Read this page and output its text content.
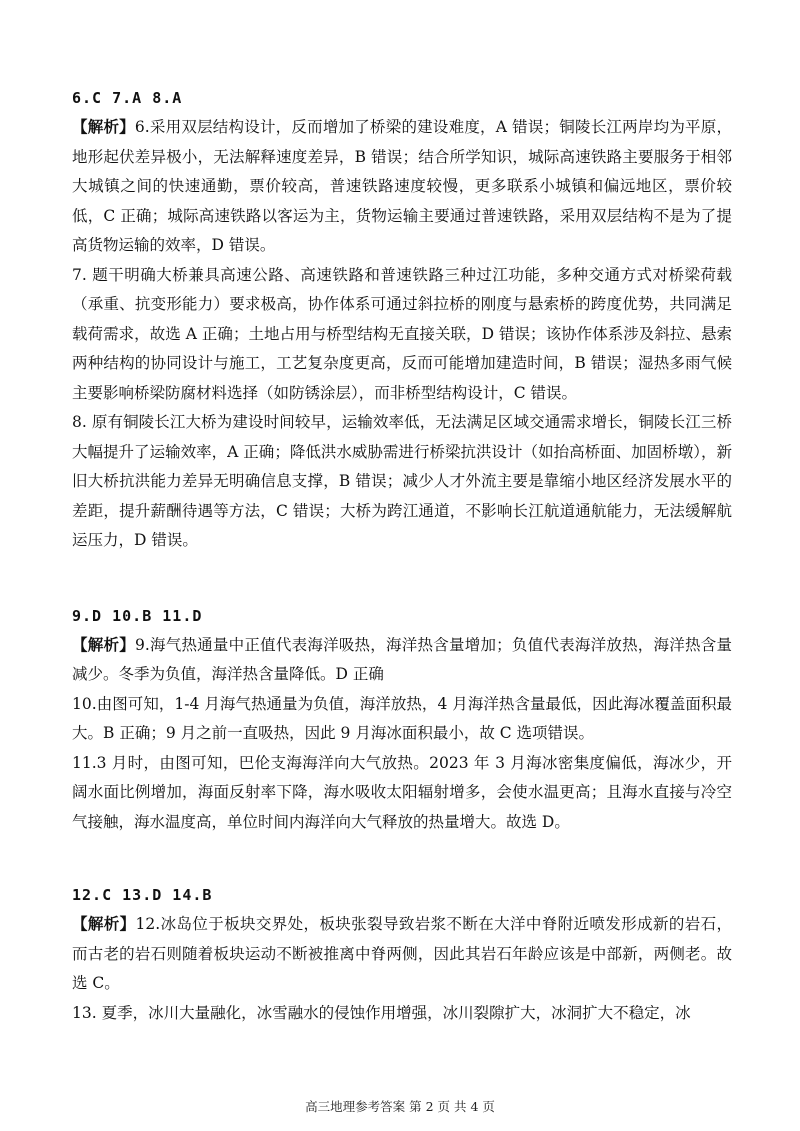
6.C 7.A 8.A

【解析】6.采用双层结构设计，反而增加了桥梁的建设难度，A 错误；铜陵长江两岸均为平原，地形起伏差异极小，无法解释速度差异，B 错误；结合所学知识，城际高速铁路主要服务于相邻大城镇之间的快速通勤，票价较高，普速铁路速度较慢，更多联系小城镇和偏远地区，票价较低，C 正确；城际高速铁路以客运为主，货物运输主要通过普速铁路，采用双层结构不是为了提高货物运输的效率，D 错误。

7. 题干明确大桥兼具高速公路、高速铁路和普速铁路三种过江功能，多种交通方式对桥梁荷载（承重、抗变形能力）要求极高，协作体系可通过斜拉桥的刚度与悬索桥的跨度优势，共同满足载荷需求，故选 A 正确；土地占用与桥型结构无直接关联，D 错误；该协作体系涉及斜拉、悬索两种结构的协同设计与施工，工艺复杂度更高，反而可能增加建造时间，B 错误；湿热多雨气候主要影响桥梁防腐材料选择（如防锈涂层），而非桥型结构设计，C 错误。

8. 原有铜陵长江大桥为建设时间较早，运输效率低，无法满足区域交通需求增长，铜陵长江三桥大幅提升了运输效率，A 正确；降低洪水威胁需进行桥梁抗洪设计（如抬高桥面、加固桥墩），新旧大桥抗洪能力差异无明确信息支撑，B 错误；减少人才外流主要是靠缩小地区经济发展水平的差距，提升薪酬待遇等方法，C 错误；大桥为跨江通道，不影响长江航道通航能力，无法缓解航运压力，D 错误。

9.D 10.B 11.D

【解析】9.海气热通量中正值代表海洋吸热，海洋热含量增加；负值代表海洋放热，海洋热含量减少。冬季为负值，海洋热含量降低。D 正确

10.由图可知，1-4 月海气热通量为负值，海洋放热，4 月海洋热含量最低，因此海冰覆盖面积最大。B 正确；9 月之前一直吸热，因此 9 月海冰面积最小，故 C 选项错误。

11.3 月时，由图可知，巴伦支海海洋向大气放热。2023 年 3 月海冰密集度偏低，海冰少，开阔水面比例增加，海面反射率下降，海水吸收太阳辐射增多，会使水温更高；且海水直接与冷空气接触，海水温度高，单位时间内海洋向大气释放的热量增大。故选 D。

12.C 13.D 14.B

【解析】12.冰岛位于板块交界处，板块张裂导致岩浆不断在大洋中脊附近喷发形成新的岩石，而古老的岩石则随着板块运动不断被推离中脊两侧，因此其岩石年龄应该是中部新，两侧老。故选 C。

13. 夏季，冰川大量融化，冰雪融水的侵蚀作用增强，冰川裂隙扩大，冰洞扩大不稳定，冰

高三地理参考答案 第 2 页 共 4 页
